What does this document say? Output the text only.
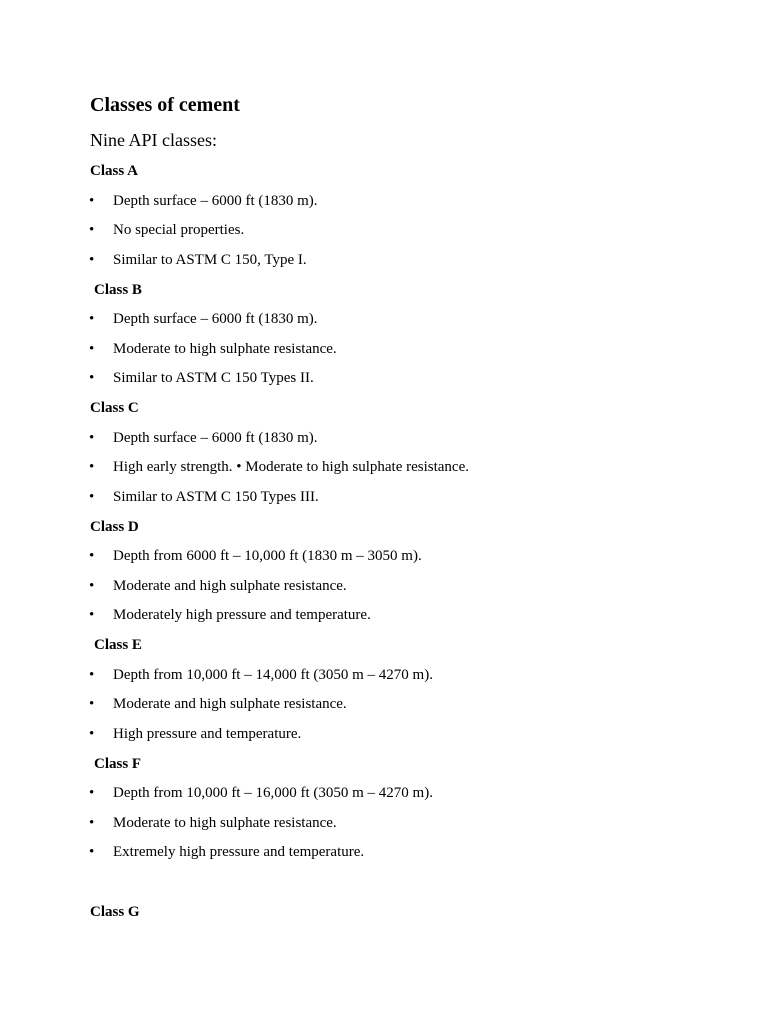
Classes of cement

Nine API classes:

Class A
• Depth surface – 6000 ft (1830 m).
• No special properties.
• Similar to ASTM C 150, Type I.
Class B
• Depth surface – 6000 ft (1830 m).
• Moderate to high sulphate resistance.
• Similar to ASTM C 150 Types II.
Class C
• Depth surface – 6000 ft (1830 m).
• High early strength. • Moderate to high sulphate resistance.
• Similar to ASTM C 150 Types III.
Class D
• Depth from 6000 ft – 10,000 ft (1830 m – 3050 m).
• Moderate and high sulphate resistance.
• Moderately high pressure and temperature.
Class E
• Depth from 10,000 ft – 14,000 ft (3050 m – 4270 m).
• Moderate and high sulphate resistance.
• High pressure and temperature.
Class F
• Depth from 10,000 ft – 16,000 ft (3050 m – 4270 m).
• Moderate to high sulphate resistance.
• Extremely high pressure and temperature.
Class G
